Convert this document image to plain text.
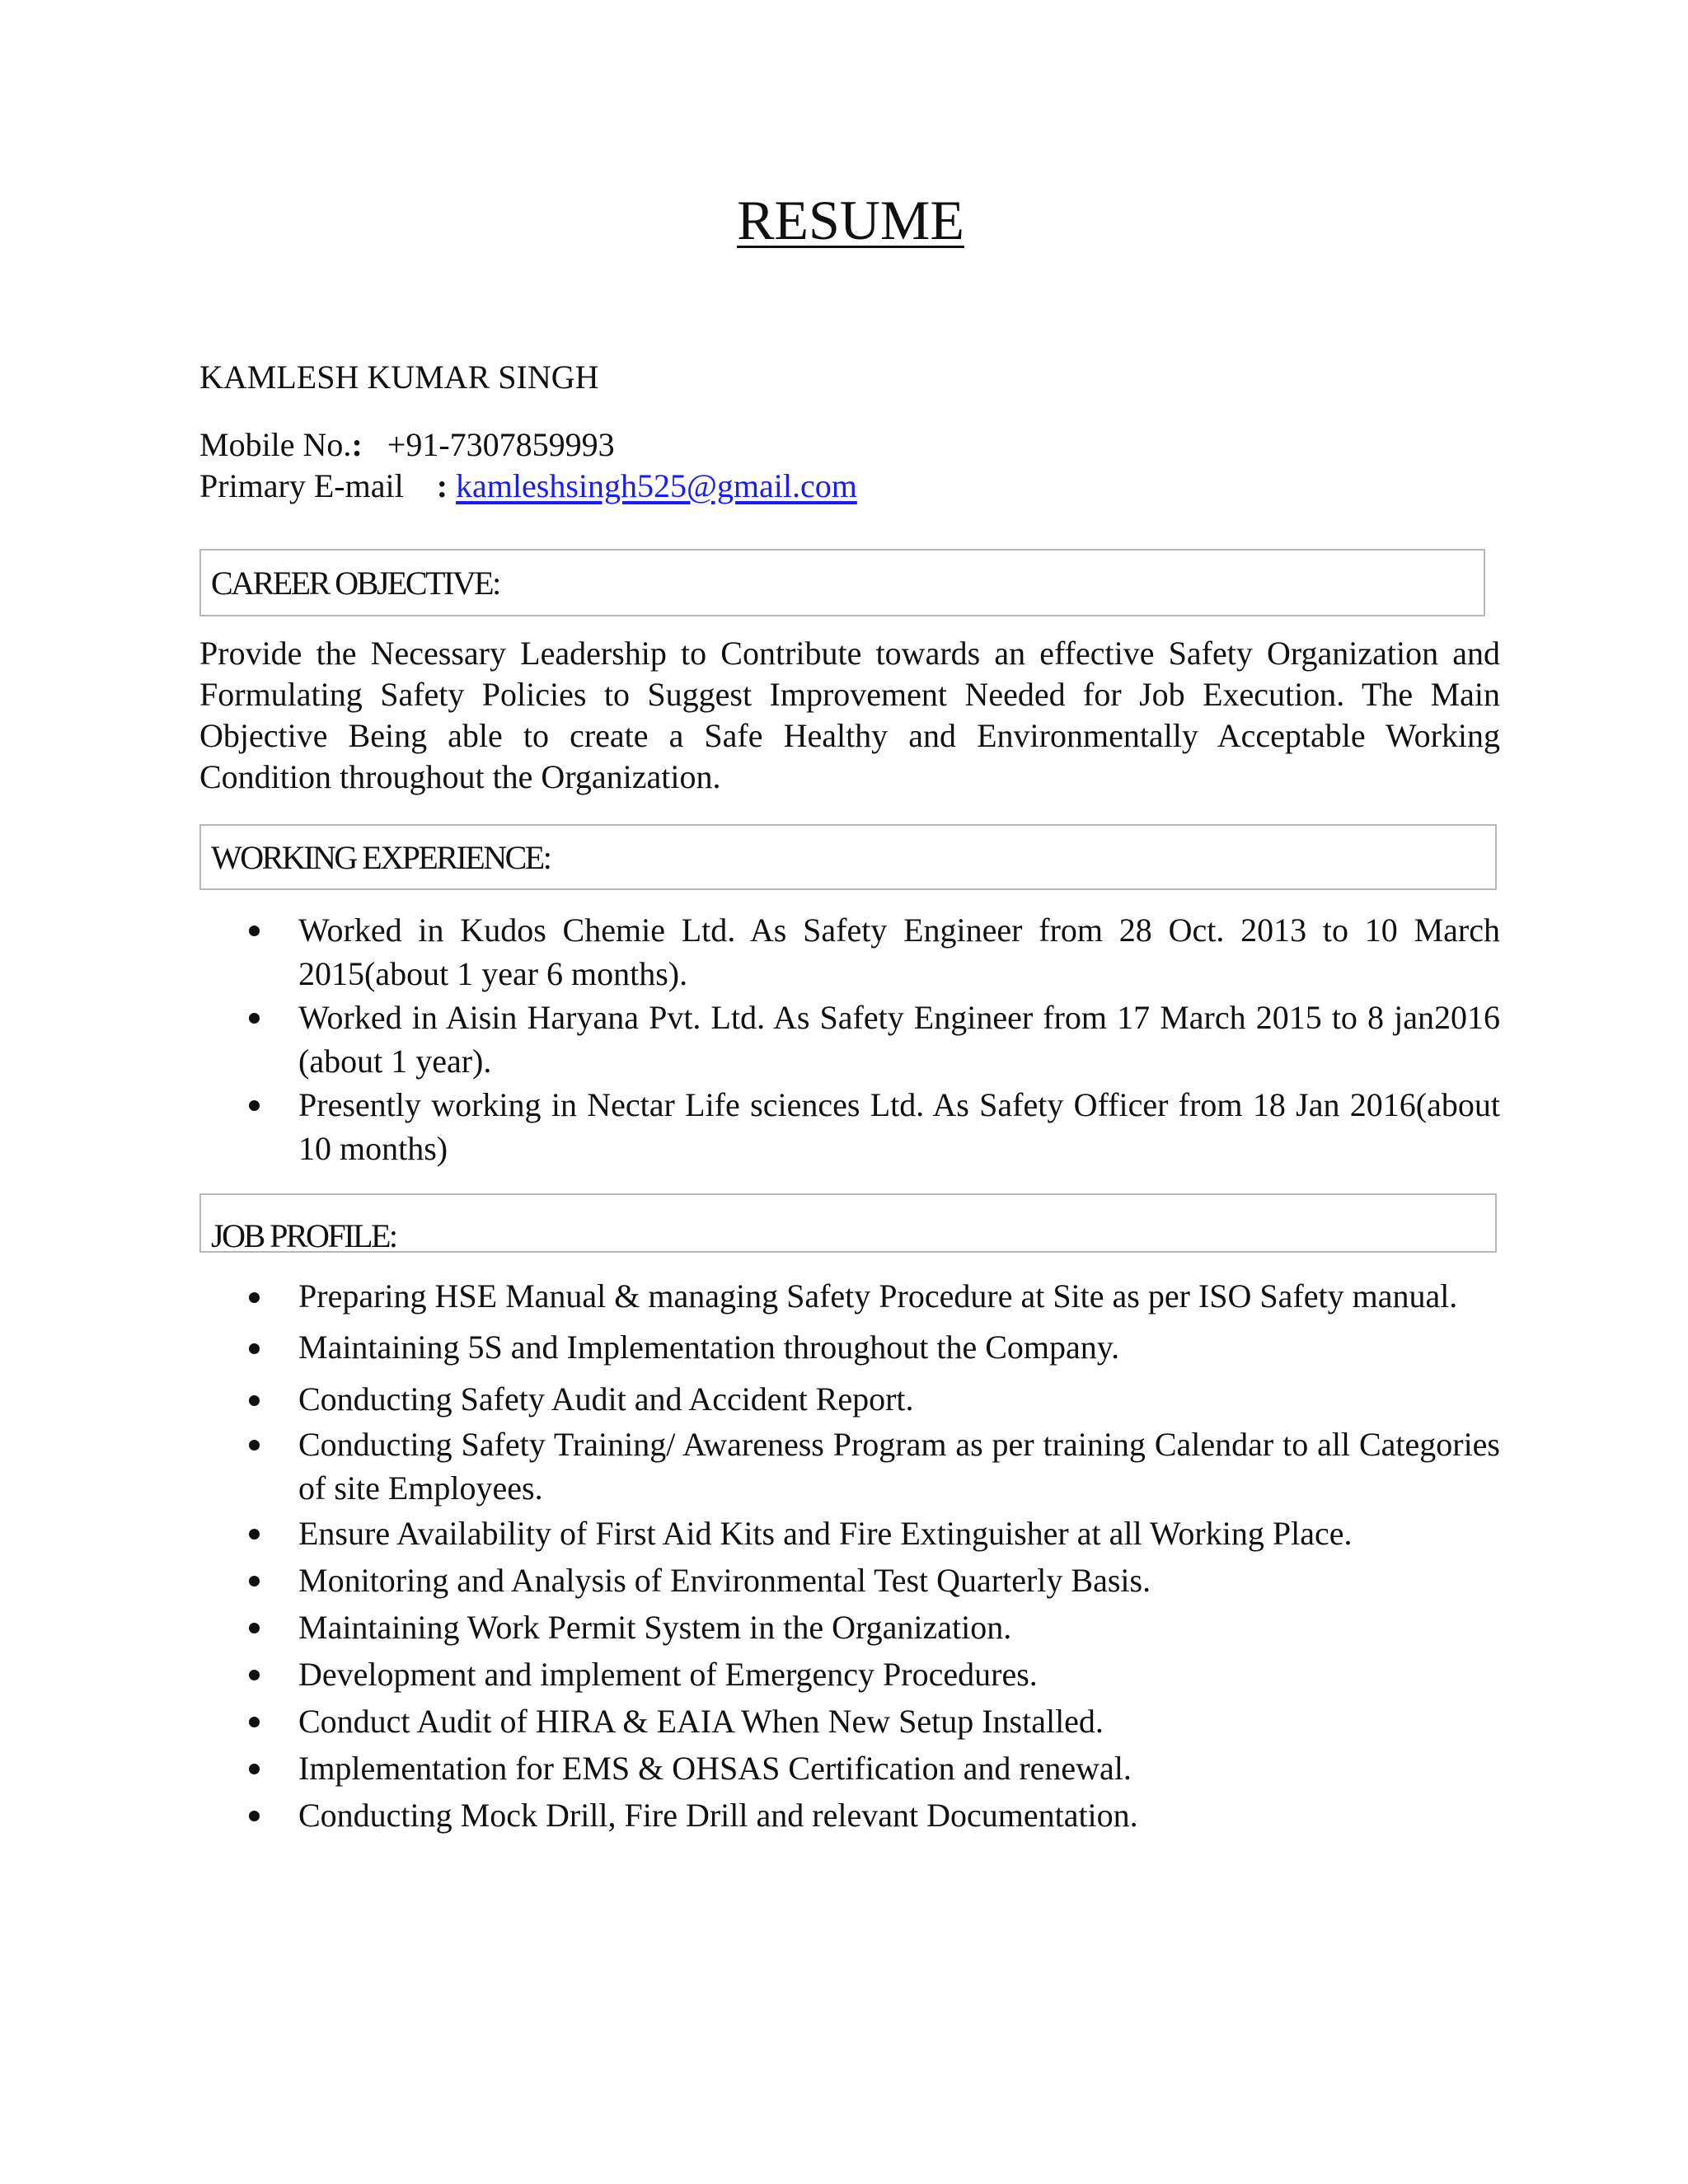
RESUME
KAMLESH KUMAR SINGH
Mobile No.: +91-7307859993
Primary E-mail : kamleshsingh525@gmail.com
CAREER OBJECTIVE:
Provide the Necessary Leadership to Contribute towards an effective Safety Organization and Formulating Safety Policies to Suggest Improvement Needed for Job Execution. The Main Objective Being able to create a Safe Healthy and Environmentally Acceptable Working Condition throughout the Organization.
WORKING EXPERIENCE:
Worked in Kudos Chemie Ltd. As Safety Engineer from 28 Oct. 2013 to 10 March 2015(about 1 year 6 months).
Worked in Aisin Haryana Pvt. Ltd. As Safety Engineer from 17 March 2015 to 8 jan2016 (about 1 year).
Presently working in Nectar Life sciences Ltd. As Safety Officer from 18 Jan 2016(about 10 months)
JOB PROFILE:
Preparing HSE Manual & managing Safety Procedure at Site as per ISO Safety manual.
Maintaining 5S and Implementation throughout the Company.
Conducting Safety Audit and Accident Report.
Conducting Safety Training/ Awareness Program as per training Calendar to all Categories of site Employees.
Ensure Availability of First Aid Kits and Fire Extinguisher at all Working Place.
Monitoring and Analysis of Environmental Test Quarterly Basis.
Maintaining Work Permit System in the Organization.
Development and implement of Emergency Procedures.
Conduct Audit of HIRA & EAIA When New Setup Installed.
Implementation for EMS & OHSAS Certification and renewal.
Conducting Mock Drill, Fire Drill and relevant Documentation.
